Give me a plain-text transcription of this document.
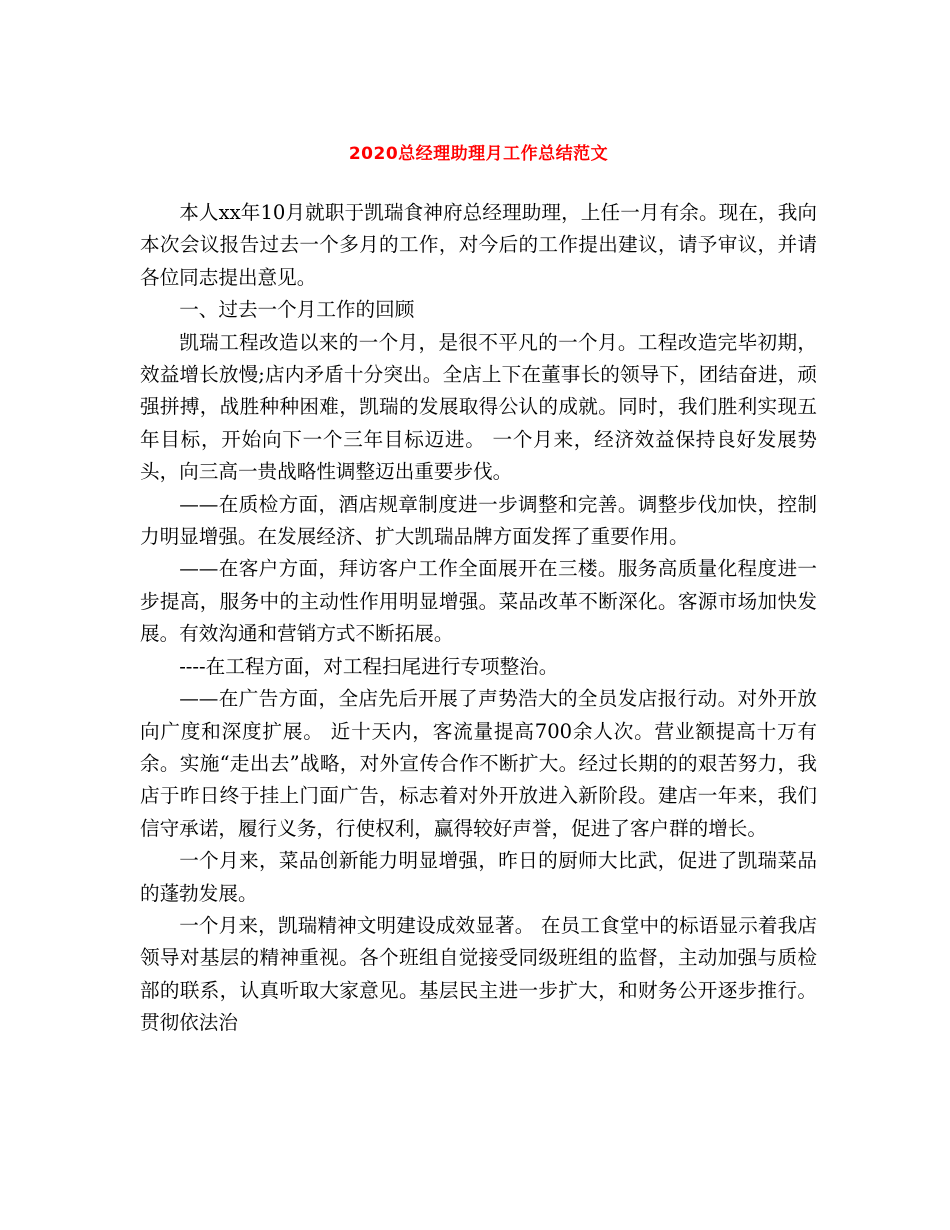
2020总经理助理月工作总结范文

本人xx年10月就职于凯瑞食神府总经理助理，上任一月有余。现在，我向本次会议报告过去一个多月的工作，对今后的工作提出建议，请予审议，并请各位同志提出意见。

一、过去一个月工作的回顾

凯瑞工程改造以来的一个月，是很不平凡的一个月。工程改造完毕初期，效益增长放慢;店内矛盾十分突出。全店上下在董事长的领导下，团结奋进，顽强拼搏，战胜种种困难，凯瑞的发展取得公认的成就。同时，我们胜利实现五年目标，开始向下一个三年目标迈进。 一个月来，经济效益保持良好发展势头，向三高一贵战略性调整迈出重要步伐。

——在质检方面，酒店规章制度进一步调整和完善。调整步伐加快，控制力明显增强。在发展经济、扩大凯瑞品牌方面发挥了重要作用。

——在客户方面，拜访客户工作全面展开在三楼。服务高质量化程度进一步提高，服务中的主动性作用明显增强。菜品改革不断深化。客源市场加快发展。有效沟通和营销方式不断拓展。

----在工程方面，对工程扫尾进行专项整治。

——在广告方面，全店先后开展了声势浩大的全员发店报行动。对外开放向广度和深度扩展。 近十天内，客流量提高700余人次。营业额提高十万有余。实施“走出去”战略，对外宣传合作不断扩大。经过长期的的艰苦努力，我店于昨日终于挂上门面广告，标志着对外开放进入新阶段。建店一年来，我们信守承诺，履行义务，行使权利，赢得较好声誉，促进了客户群的增长。

一个月来，菜品创新能力明显增强，昨日的厨师大比武，促进了凯瑞菜品的蓬勃发展。

一个月来，凯瑞精神文明建设成效显著。 在员工食堂中的标语显示着我店领导对基层的精神重视。各个班组自觉接受同级班组的监督，主动加强与质检部的联系，认真听取大家意见。基层民主进一步扩大，和财务公开逐步推行。贯彻依法治
